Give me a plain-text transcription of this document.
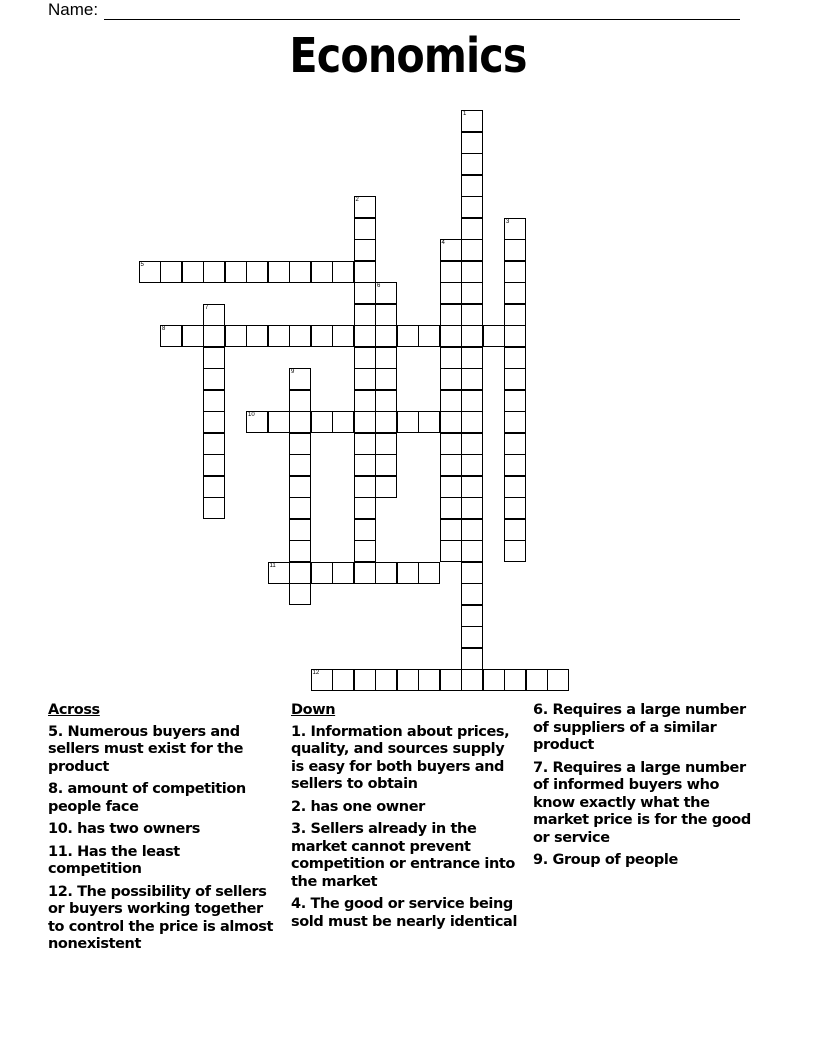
Name:
Economics
1
2
3
4
5
6
7
8
9
10
11
12
Across
5. Numerous buyers and sellers must exist for the product
8. amount of competition people face
10. has two owners
11. Has the least competition
12. The possibility of sellers or buyers working together to control the price is almost nonexistent
Down
1. Information about prices, quality, and sources supply is easy for both buyers and sellers to obtain
2. has one owner
3. Sellers already in the market cannot prevent competition or entrance into the market
4. The good or service being sold must be nearly identical
6. Requires a large number of suppliers of a similar product
7. Requires a large number of informed buyers who know exactly what the market price is for the good or service
9. Group of people
